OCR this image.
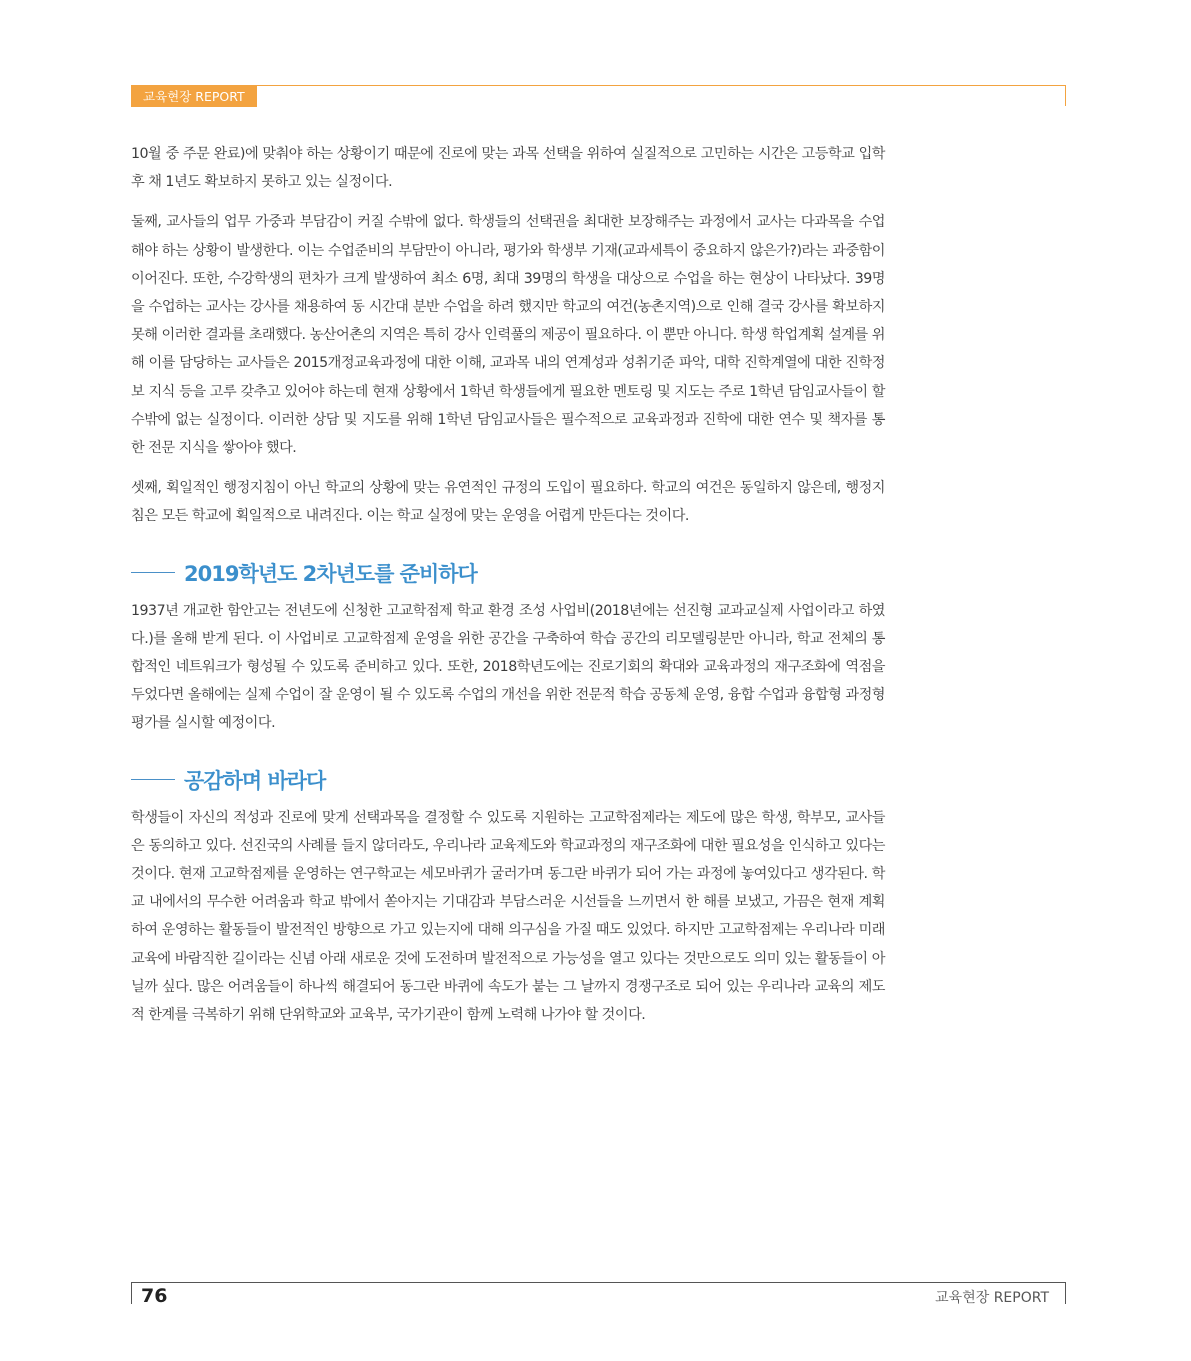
교육현장 REPORT

10월 중 주문 완료)에 맞춰야 하는 상황이기 때문에 진로에 맞는 과목 선택을 위하여 실질적으로 고민하는 시간은 고등학교 입학 후 채 1년도 확보하지 못하고 있는 실정이다.

둘째, 교사들의 업무 가중과 부담감이 커질 수밖에 없다. 학생들의 선택권을 최대한 보장해주는 과정에서 교사는 다과목을 수업해야 하는 상황이 발생한다. 이는 수업준비의 부담만이 아니라, 평가와 학생부 기재(교과세특이 중요하지 않은가?)라는 과중함이 이어진다. 또한, 수강학생의 편차가 크게 발생하여 최소 6명, 최대 39명의 학생을 대상으로 수업을 하는 현상이 나타났다. 39명을 수업하는 교사는 강사를 채용하여 동 시간대 분반 수업을 하려 했지만 학교의 여건(농촌지역)으로 인해 결국 강사를 확보하지 못해 이러한 결과를 초래했다. 농산어촌의 지역은 특히 강사 인력풀의 제공이 필요하다. 이 뿐만 아니다. 학생 학업계획 설계를 위해 이를 담당하는 교사들은 2015개정교육과정에 대한 이해, 교과목 내의 연계성과 성취기준 파악, 대학 진학계열에 대한 진학정보 지식 등을 고루 갖추고 있어야 하는데 현재 상황에서 1학년 학생들에게 필요한 멘토링 및 지도는 주로 1학년 담임교사들이 할 수밖에 없는 실정이다. 이러한 상담 및 지도를 위해 1학년 담임교사들은 필수적으로 교육과정과 진학에 대한 연수 및 책자를 통한 전문 지식을 쌓아야 했다.

셋째, 획일적인 행정지침이 아닌 학교의 상황에 맞는 유연적인 규정의 도입이 필요하다. 학교의 여건은 동일하지 않은데, 행정지침은 모든 학교에 획일적으로 내려진다. 이는 학교 실정에 맞는 운영을 어렵게 만든다는 것이다.

2019학년도 2차년도를 준비하다

1937년 개교한 함안고는 전년도에 신청한 고교학점제 학교 환경 조성 사업비(2018년에는 선진형 교과교실제 사업이라고 하였다.)를 올해 받게 된다. 이 사업비로 고교학점제 운영을 위한 공간을 구축하여 학습 공간의 리모델링분만 아니라, 학교 전체의 통합적인 네트워크가 형성될 수 있도록 준비하고 있다. 또한, 2018학년도에는 진로기회의 확대와 교육과정의 재구조화에 역점을 두었다면 올해에는 실제 수업이 잘 운영이 될 수 있도록 수업의 개선을 위한 전문적 학습 공동체 운영, 융합 수업과 융합형 과정형 평가를 실시할 예정이다.

공감하며 바라다

학생들이 자신의 적성과 진로에 맞게 선택과목을 결정할 수 있도록 지원하는 고교학점제라는 제도에 많은 학생, 학부모, 교사들은 동의하고 있다. 선진국의 사례를 들지 않더라도, 우리나라 교육제도와 학교과정의 재구조화에 대한 필요성을 인식하고 있다는 것이다. 현재 고교학점제를 운영하는 연구학교는 세모바퀴가 굴러가며 동그란 바퀴가 되어 가는 과정에 놓여있다고 생각된다. 학교 내에서의 무수한 어려움과 학교 밖에서 쏟아지는 기대감과 부담스러운 시선들을 느끼면서 한 해를 보냈고, 가끔은 현재 계획하여 운영하는 활동들이 발전적인 방향으로 가고 있는지에 대해 의구심을 가질 때도 있었다. 하지만 고교학점제는 우리나라 미래교육에 바람직한 길이라는 신념 아래 새로운 것에 도전하며 발전적으로 가능성을 열고 있다는 것만으로도 의미 있는 활동들이 아닐까 싶다. 많은 어려움들이 하나씩 해결되어 동그란 바퀴에 속도가 붙는 그 날까지 경쟁구조로 되어 있는 우리나라 교육의 제도적 한계를 극복하기 위해 단위학교와 교육부, 국가기관이 함께 노력해 나가야 할 것이다.

76	교육현장 REPORT
